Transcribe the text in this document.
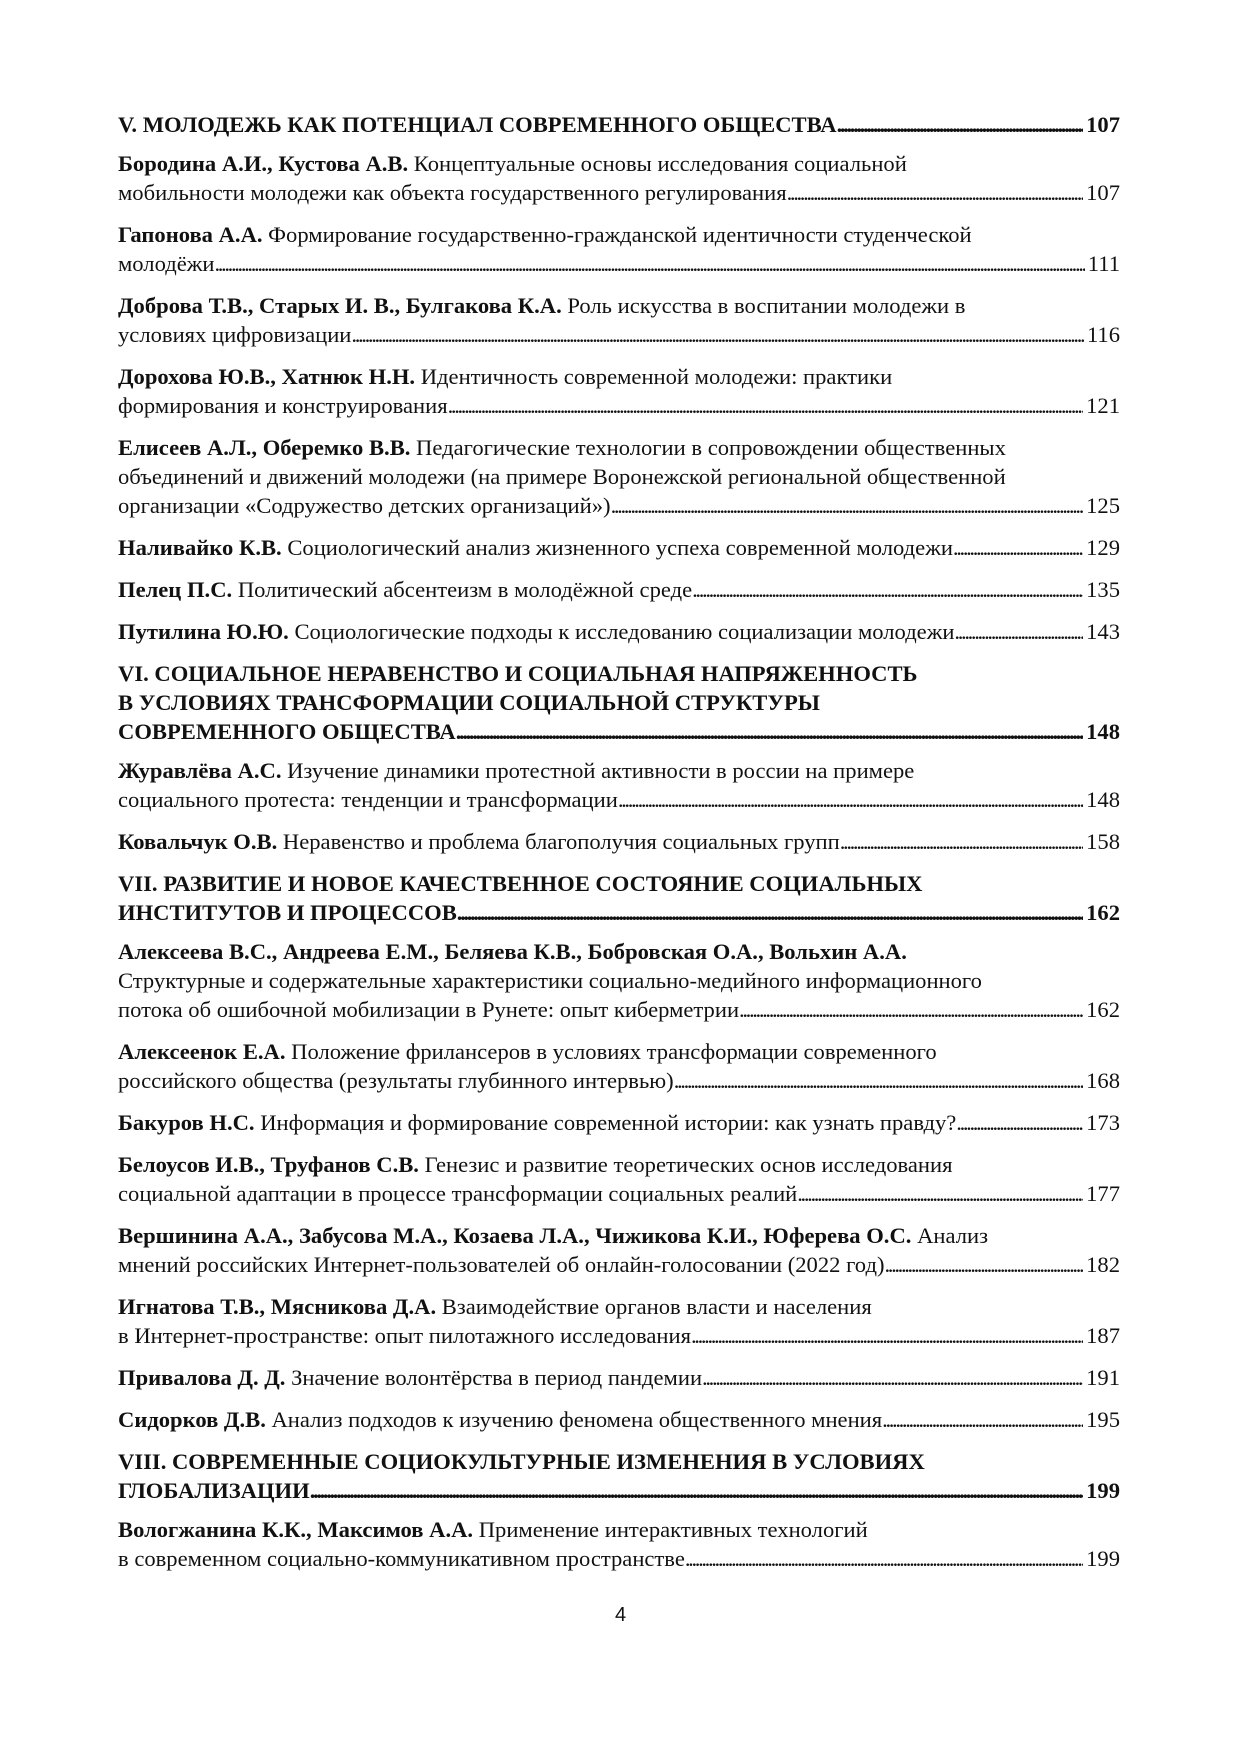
V. МОЛОДЕЖЬ КАК ПОТЕНЦИАЛ СОВРЕМЕННОГО ОБЩЕСТВА . . .	107
Бородина А.И., Кустова А.В. Концептуальные основы исследования социальной
мобильности молодежи как объекта государственного регулирования . . .	107
Гапонова А.А. Формирование государственно-гражданской идентичности студенческой
молодёжи . . .	111
Доброва Т.В., Старых И. В., Булгакова К.А. Роль искусства в воспитании молодежи в
условиях цифровизации . . .	116
Дорохова Ю.В., Хатнюк Н.Н. Идентичность современной молодежи: практики
формирования и конструирования . . .	121
Елисеев А.Л., Оберемко В.В. Педагогические технологии в сопровождении общественных
объединений и движений молодежи (на примере Воронежской региональной общественной
организации «Содружество детских организаций») . . .	125
Наливайко К.В. Социологический анализ жизненного успеха современной молодежи . . .	129
Пелец П.С. Политический абсентеизм в молодёжной среде . . .	135
Путилина Ю.Ю. Социологические подходы к исследованию социализации молодежи . . .	143
VI. СОЦИАЛЬНОЕ НЕРАВЕНСТВО И СОЦИАЛЬНАЯ НАПРЯЖЕННОСТЬ
В УСЛОВИЯХ ТРАНСФОРМАЦИИ СОЦИАЛЬНОЙ СТРУКТУРЫ
СОВРЕМЕННОГО ОБЩЕСТВА . . .	148
Журавлёва А.С. Изучение динамики протестной активности в россии на примере
социального протеста: тенденции и трансформации . . .	148
Ковальчук О.В. Неравенство и проблема благополучия социальных групп . . .	158
VII. РАЗВИТИЕ И НОВОЕ КАЧЕСТВЕННОЕ СОСТОЯНИЕ СОЦИАЛЬНЫХ
ИНСТИТУТОВ И ПРОЦЕССОВ . . .	162
Алексеева В.С., Андреева Е.М., Беляева К.В., Бобровская О.А., Вольхин А.А.
Структурные и содержательные характеристики социально-медийного информационного
потока об ошибочной мобилизации в Рунете: опыт киберметрии . . .	162
Алексеенок Е.А. Положение фрилансеров в условиях трансформации современного
российского общества (результаты глубинного интервью) . . .	168
Бакуров Н.С. Информация и формирование современной истории: как узнать правду? . . .	173
Белоусов И.В., Труфанов С.В. Генезис и развитие теоретических основ исследования
социальной адаптации в процессе трансформации социальных реалий . . .	177
Вершинина А.А., Забусова М.А., Козаева Л.А., Чижикова К.И., Юферева О.С. Анализ
мнений российских Интернет-пользователей об онлайн-голосовании (2022 год) . . .	182
Игнатова Т.В., Мясникова Д.А. Взаимодействие органов власти и населения
в Интернет-пространстве: опыт пилотажного исследования . . .	187
Привалова Д. Д. Значение волонтёрства в период пандемии . . .	191
Сидорков Д.В. Анализ подходов к изучению феномена общественного мнения . . .	195
VIII. СОВРЕМЕННЫЕ СОЦИОКУЛЬТУРНЫЕ ИЗМЕНЕНИЯ В УСЛОВИЯХ
ГЛОБАЛИЗАЦИИ . . .	199
Вологжанина К.К., Максимов А.А. Применение интерактивных технологий
в современном социально-коммуникативном пространстве . . .	199
4
